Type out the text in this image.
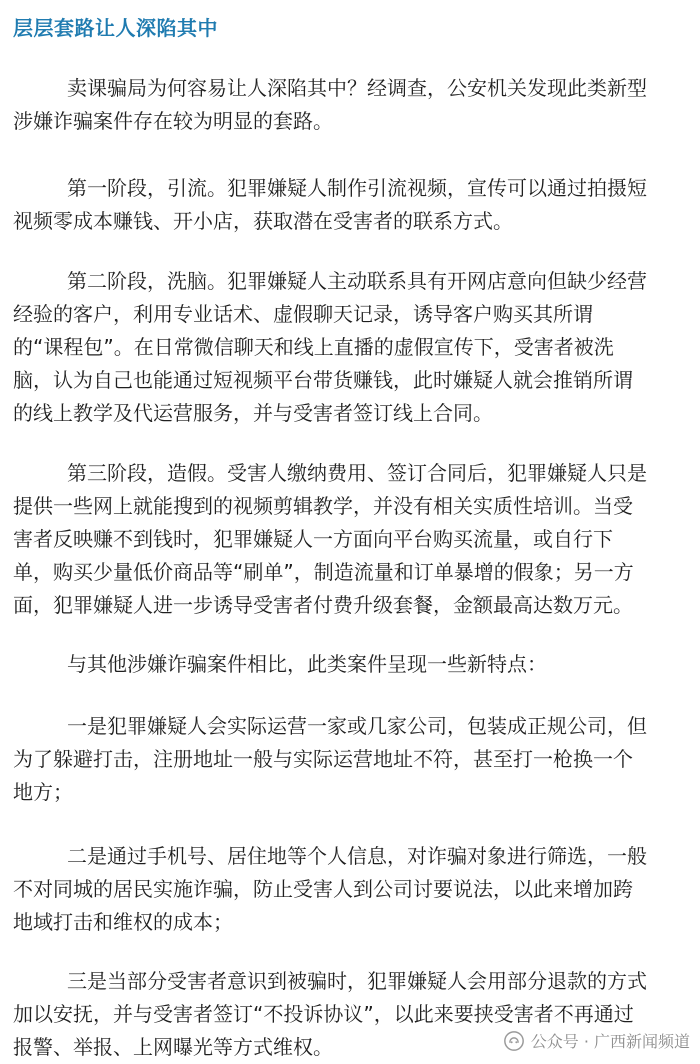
层层套路让人深陷其中
卖课骗局为何容易让人深陷其中？经调查，公安机关发现此类新型
涉嫌诈骗案件存在较为明显的套路。
第一阶段，引流。犯罪嫌疑人制作引流视频，宣传可以通过拍摄短
视频零成本赚钱、开小店，获取潜在受害者的联系方式。
第二阶段，洗脑。犯罪嫌疑人主动联系具有开网店意向但缺少经营
经验的客户，利用专业话术、虚假聊天记录，诱导客户购买其所谓
的“课程包”。在日常微信聊天和线上直播的虚假宣传下，受害者被洗
脑，认为自己也能通过短视频平台带货赚钱，此时嫌疑人就会推销所谓
的线上教学及代运营服务，并与受害者签订线上合同。
第三阶段，造假。受害人缴纳费用、签订合同后，犯罪嫌疑人只是
提供一些网上就能搜到的视频剪辑教学，并没有相关实质性培训。当受
害者反映赚不到钱时，犯罪嫌疑人一方面向平台购买流量，或自行下
单，购买少量低价商品等“刷单”，制造流量和订单暴增的假象；另一方
面，犯罪嫌疑人进一步诱导受害者付费升级套餐，金额最高达数万元。
与其他涉嫌诈骗案件相比，此类案件呈现一些新特点：
一是犯罪嫌疑人会实际运营一家或几家公司，包装成正规公司，但
为了躲避打击，注册地址一般与实际运营地址不符，甚至打一枪换一个
地方；
二是通过手机号、居住地等个人信息，对诈骗对象进行筛选，一般
不对同城的居民实施诈骗，防止受害人到公司讨要说法，以此来增加跨
地域打击和维权的成本；
三是当部分受害者意识到被骗时，犯罪嫌疑人会用部分退款的方式
加以安抚，并与受害者签订“不投诉协议”，以此来要挟受害者不再通过
报警、举报、上网曝光等方式维权。	公众号 · 广西新闻频道
